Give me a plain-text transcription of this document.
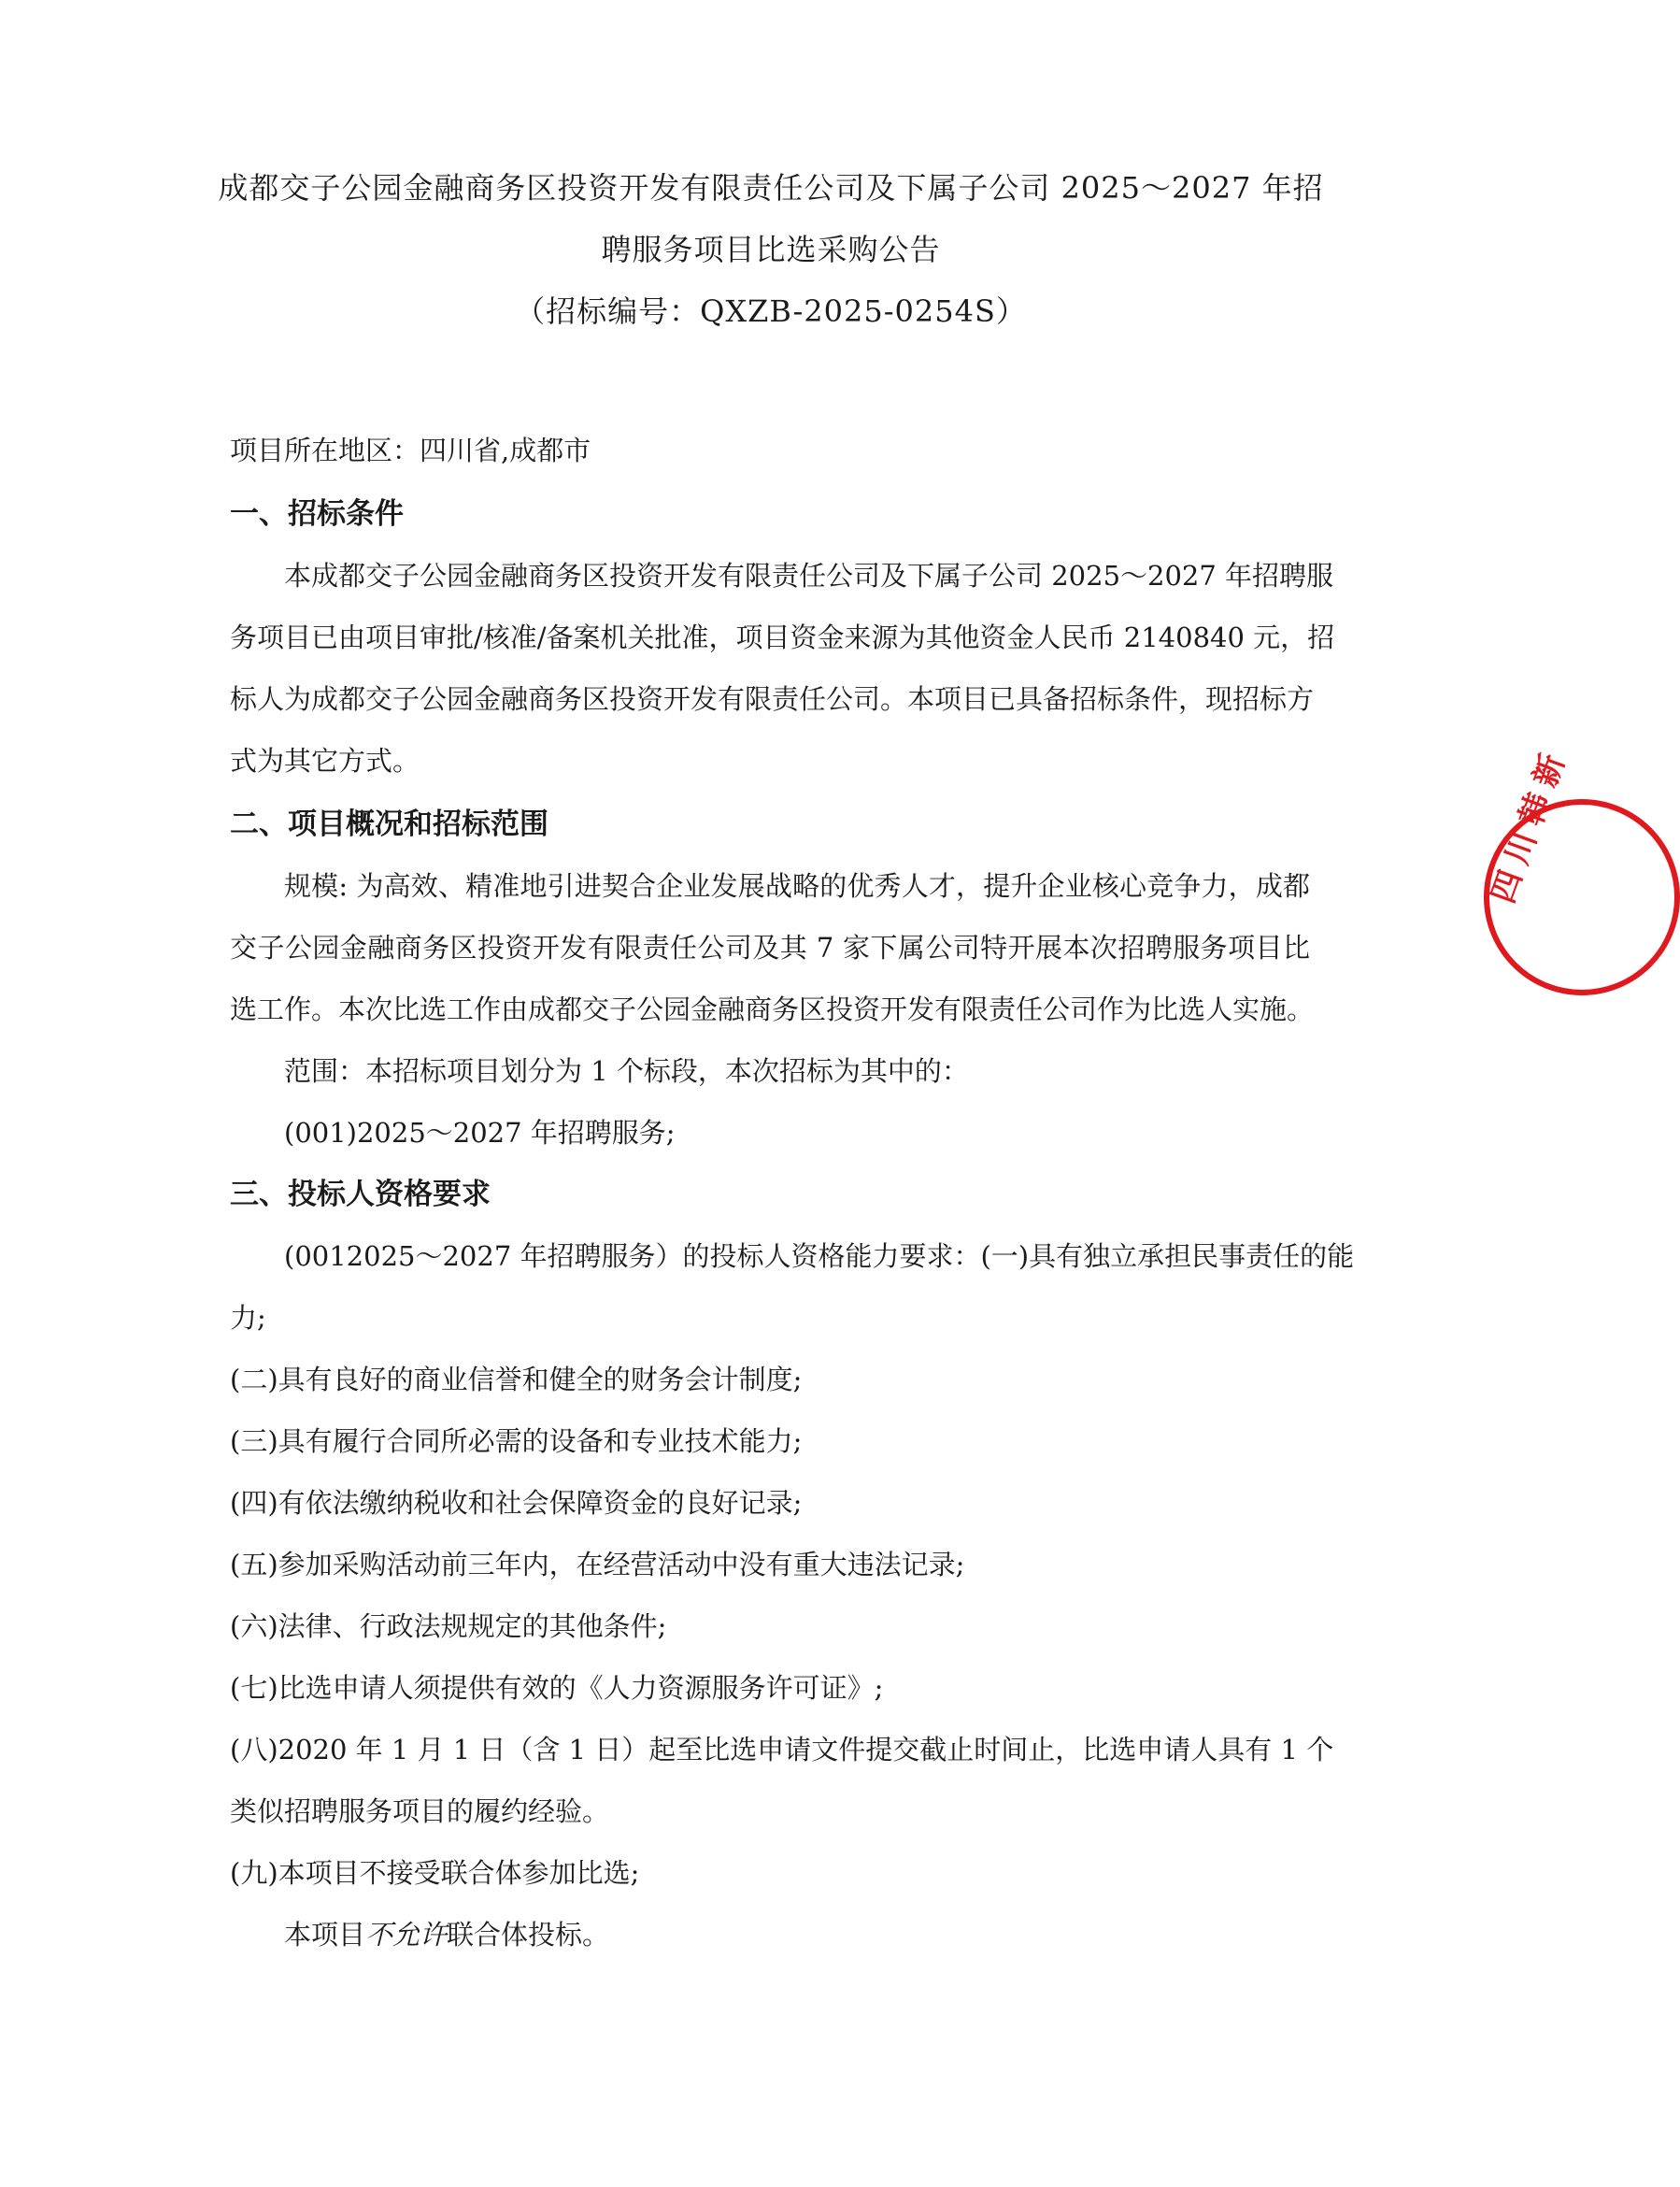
成都交子公园金融商务区投资开发有限责任公司及下属子公司 2025～2027 年招
聘服务项目比选采购公告
（招标编号：QXZB-2025-0254S）

项目所在地区：四川省,成都市

一、招标条件

本成都交子公园金融商务区投资开发有限责任公司及下属子公司 2025～2027 年招聘服

务项目已由项目审批/核准/备案机关批准，项目资金来源为其他资金人民币 2140840 元，招

标人为成都交子公园金融商务区投资开发有限责任公司。本项目已具备招标条件，现招标方

式为其它方式。

二、项目概况和招标范围

规模: 为高效、精准地引进契合企业发展战略的优秀人才，提升企业核心竞争力，成都

交子公园金融商务区投资开发有限责任公司及其 7 家下属公司特开展本次招聘服务项目比

选工作。本次比选工作由成都交子公园金融商务区投资开发有限责任公司作为比选人实施。

范围：本招标项目划分为 1 个标段，本次招标为其中的：

(001)2025～2027 年招聘服务;

三、投标人资格要求

(0012025～2027 年招聘服务）的投标人资格能力要求：(一)具有独立承担民事责任的能

力;

(二)具有良好的商业信誉和健全的财务会计制度;

(三)具有履行合同所必需的设备和专业技术能力;

(四)有依法缴纳税收和社会保障资金的良好记录;

(五)参加采购活动前三年内，在经营活动中没有重大违法记录;

(六)法律、行政法规规定的其他条件;

(七)比选申请人须提供有效的《人力资源服务许可证》;

(八)2020 年 1 月 1 日（含 1 日）起至比选申请文件提交截止时间止，比选申请人具有 1 个

类似招聘服务项目的履约经验。

(九)本项目不接受联合体参加比选;

本项目不允许联合体投标。

四川韩新
